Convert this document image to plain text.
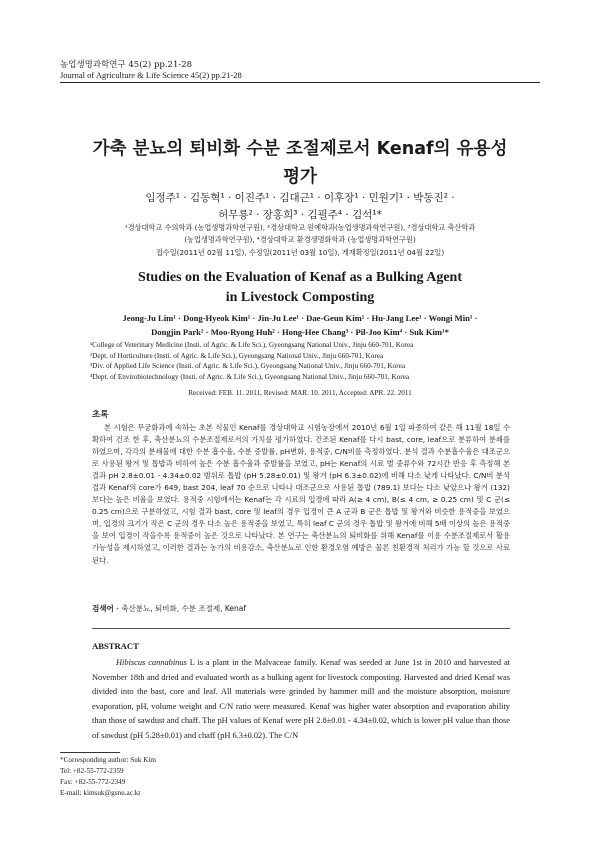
농업생명과학연구 45(2) pp.21-28
Journal of Agriculture & Life Science 45(2) pp.21-28
가축 분뇨의 퇴비화 수분 조절제로서 Kenaf의 유용성
평가
임정주¹ · 김동혁¹ · 이진주¹ · 김대근¹ · 이후장¹ · 민원기¹ · 박동진² ·
허무룡² · 장홍희³ · 김필주⁴ · 김석¹*
¹경상대학교 수의학과 (농업생명과학연구원), ²경상대학교 원예학과(농업생명과학연구원), ³경상대학교 축산학과
(농업생명과학연구원), ⁴경상대학교 환경생명화학과 (농업생명과학연구원)
접수일(2011년 02월 11일), 수정일(2011년 03월 10일), 게재확정일(2011년 04월 22일)
Studies on the Evaluation of Kenaf as a Bulking Agent
in Livestock Composting
Jeong-Ju Lim¹ · Dong-Hyeok Kim¹ · Jin-Ju Lee¹ · Dae-Geun Kim¹ · Hu-Jang Lee¹ · Wongi Min¹ ·
Dongjin Park² · Moo-Ryong Huh² · Hong-Hee Chang³ · Pil-Joo Kim⁴ · Suk Kim¹*
¹College of Veterinary Medicine (Insti. of Agric. & Life Sci.), Gyeongsang National Univ., Jinju 660-701, Korea
²Dept. of Horticulture (Insti. of Agric. & Life Sci.), Gyeongsang National Univ., Jinju 660-701, Korea
³Div. of Applied Life Science (Insti. of Agric. & Life Sci.), Gyeongsang National Univ., Jinju 660-701, Korea
⁴Dept. of Envirobiotechnology (Insti. of Agric. & Life Sci.), Gyeongsang National Univ., Jinju 660-701, Korea
Received: FEB. 11. 2011, Revised: MAR. 10. 2011, Accepted: APR. 22. 2011
초록
본 시험은 무궁화과에 속하는 초본 식물인 Kenaf를 경상대학교 시험농장에서 2010년 6월 1일 파종하여 같은 해 11월 18일 수확하여 건조 한 후, 축산분뇨의 수분조절제로서의 가치를 평가하였다. 건조된 Kenaf를 다시 bast, core, leaf으로 분류하여 분쇄를 하였으며, 각각의 분쇄물에 대한 수분 흡수율, 수분 증발률, pH변화, 용적중, C/N비를 측정하였다. 분석 결과 수분흡수율은 대조군으로 사용된 왕겨 및 톱밥과 비하여 높은 수분 흡수율과 증발률을 보였고, pH는 Kenaf의 시료 별 중류수와 72시간 반응 후 측정해 본 결과 pH 2.8±0.01 - 4.34±0.02 범위로 톱밥 (pH 5.28±0.01) 및 왕겨 (pH 6.3±0.02)에 비해 다소 낮게 나타났다. C/N비 분석결과 Kenaf의 core가 649, bast 204, leaf 70 순으로 나타나 대조군으로 사용된 톱밥 (789.1) 보다는 다소 낮았으나 왕겨 (132) 보다는 높은 비율을 보였다. 용적중 시험에서는 Kenaf는 각 시료의 입경에 따라 A(≥ 4 cm), B(≤ 4 cm, ≥ 0.25 cm) 및 C 군(≤ 0.25 cm)으로 구분하였고, 시험 결과 bast, core 및 leaf의 경우 입경이 큰 A 군과 B 군은 톱밥 및 왕겨와 비슷한 용적중을 보였으며, 입경의 크기가 작은 C 군의 경우 다소 높은 용적중을 보였고, 특히 leaf C 군의 경우 톱밥 및 왕겨에 비해 5배 이상의 높은 용적중을 보여 입경이 작을수록 용적중이 높은 것으로 나타났다. 본 연구는 축산분뇨의 퇴비화를 위해 Kenaf를 이용 수분조절제로서 활용 가능성을 제시하였고, 이러한 결과는 농가의 비용감소, 축산분뇨로 인한 환경오염 예방은 물론 친환경적 처리가 가능 할 것으로 사료된다.
검색어 - 축산분뇨, 퇴비화, 수분 조절제, Kenaf
ABSTRACT
Hibiscus cannabinus L is a plant in the Malvaceae family. Kenaf was seeded at June 1st in 2010 and harvested at November 18th and dried and evaluated worth as a bulking agent for livestock composting. Harvested and dried Kenaf was divided into the bast, core and leaf. All materials were grinded by hammer mill and the moisture absorption, moisture evaporation, pH, volume weight and C/N ratio were measured. Kenaf was higher water absorption and evaporation ability than those of sawdust and chaff. The pH values of Kenaf were pH 2.8±0.01 - 4.34±0.02, which is lower pH value than those of sawdust (pH 5.28±0.01) and chaff (pH 6.3±0.02). The C/N
*Corresponding author: Suk Kim
Tel: +82-55-772-2359
Fax: +82-55-772-2349
E-mail: kimsuk@gsnu.ac.kr
